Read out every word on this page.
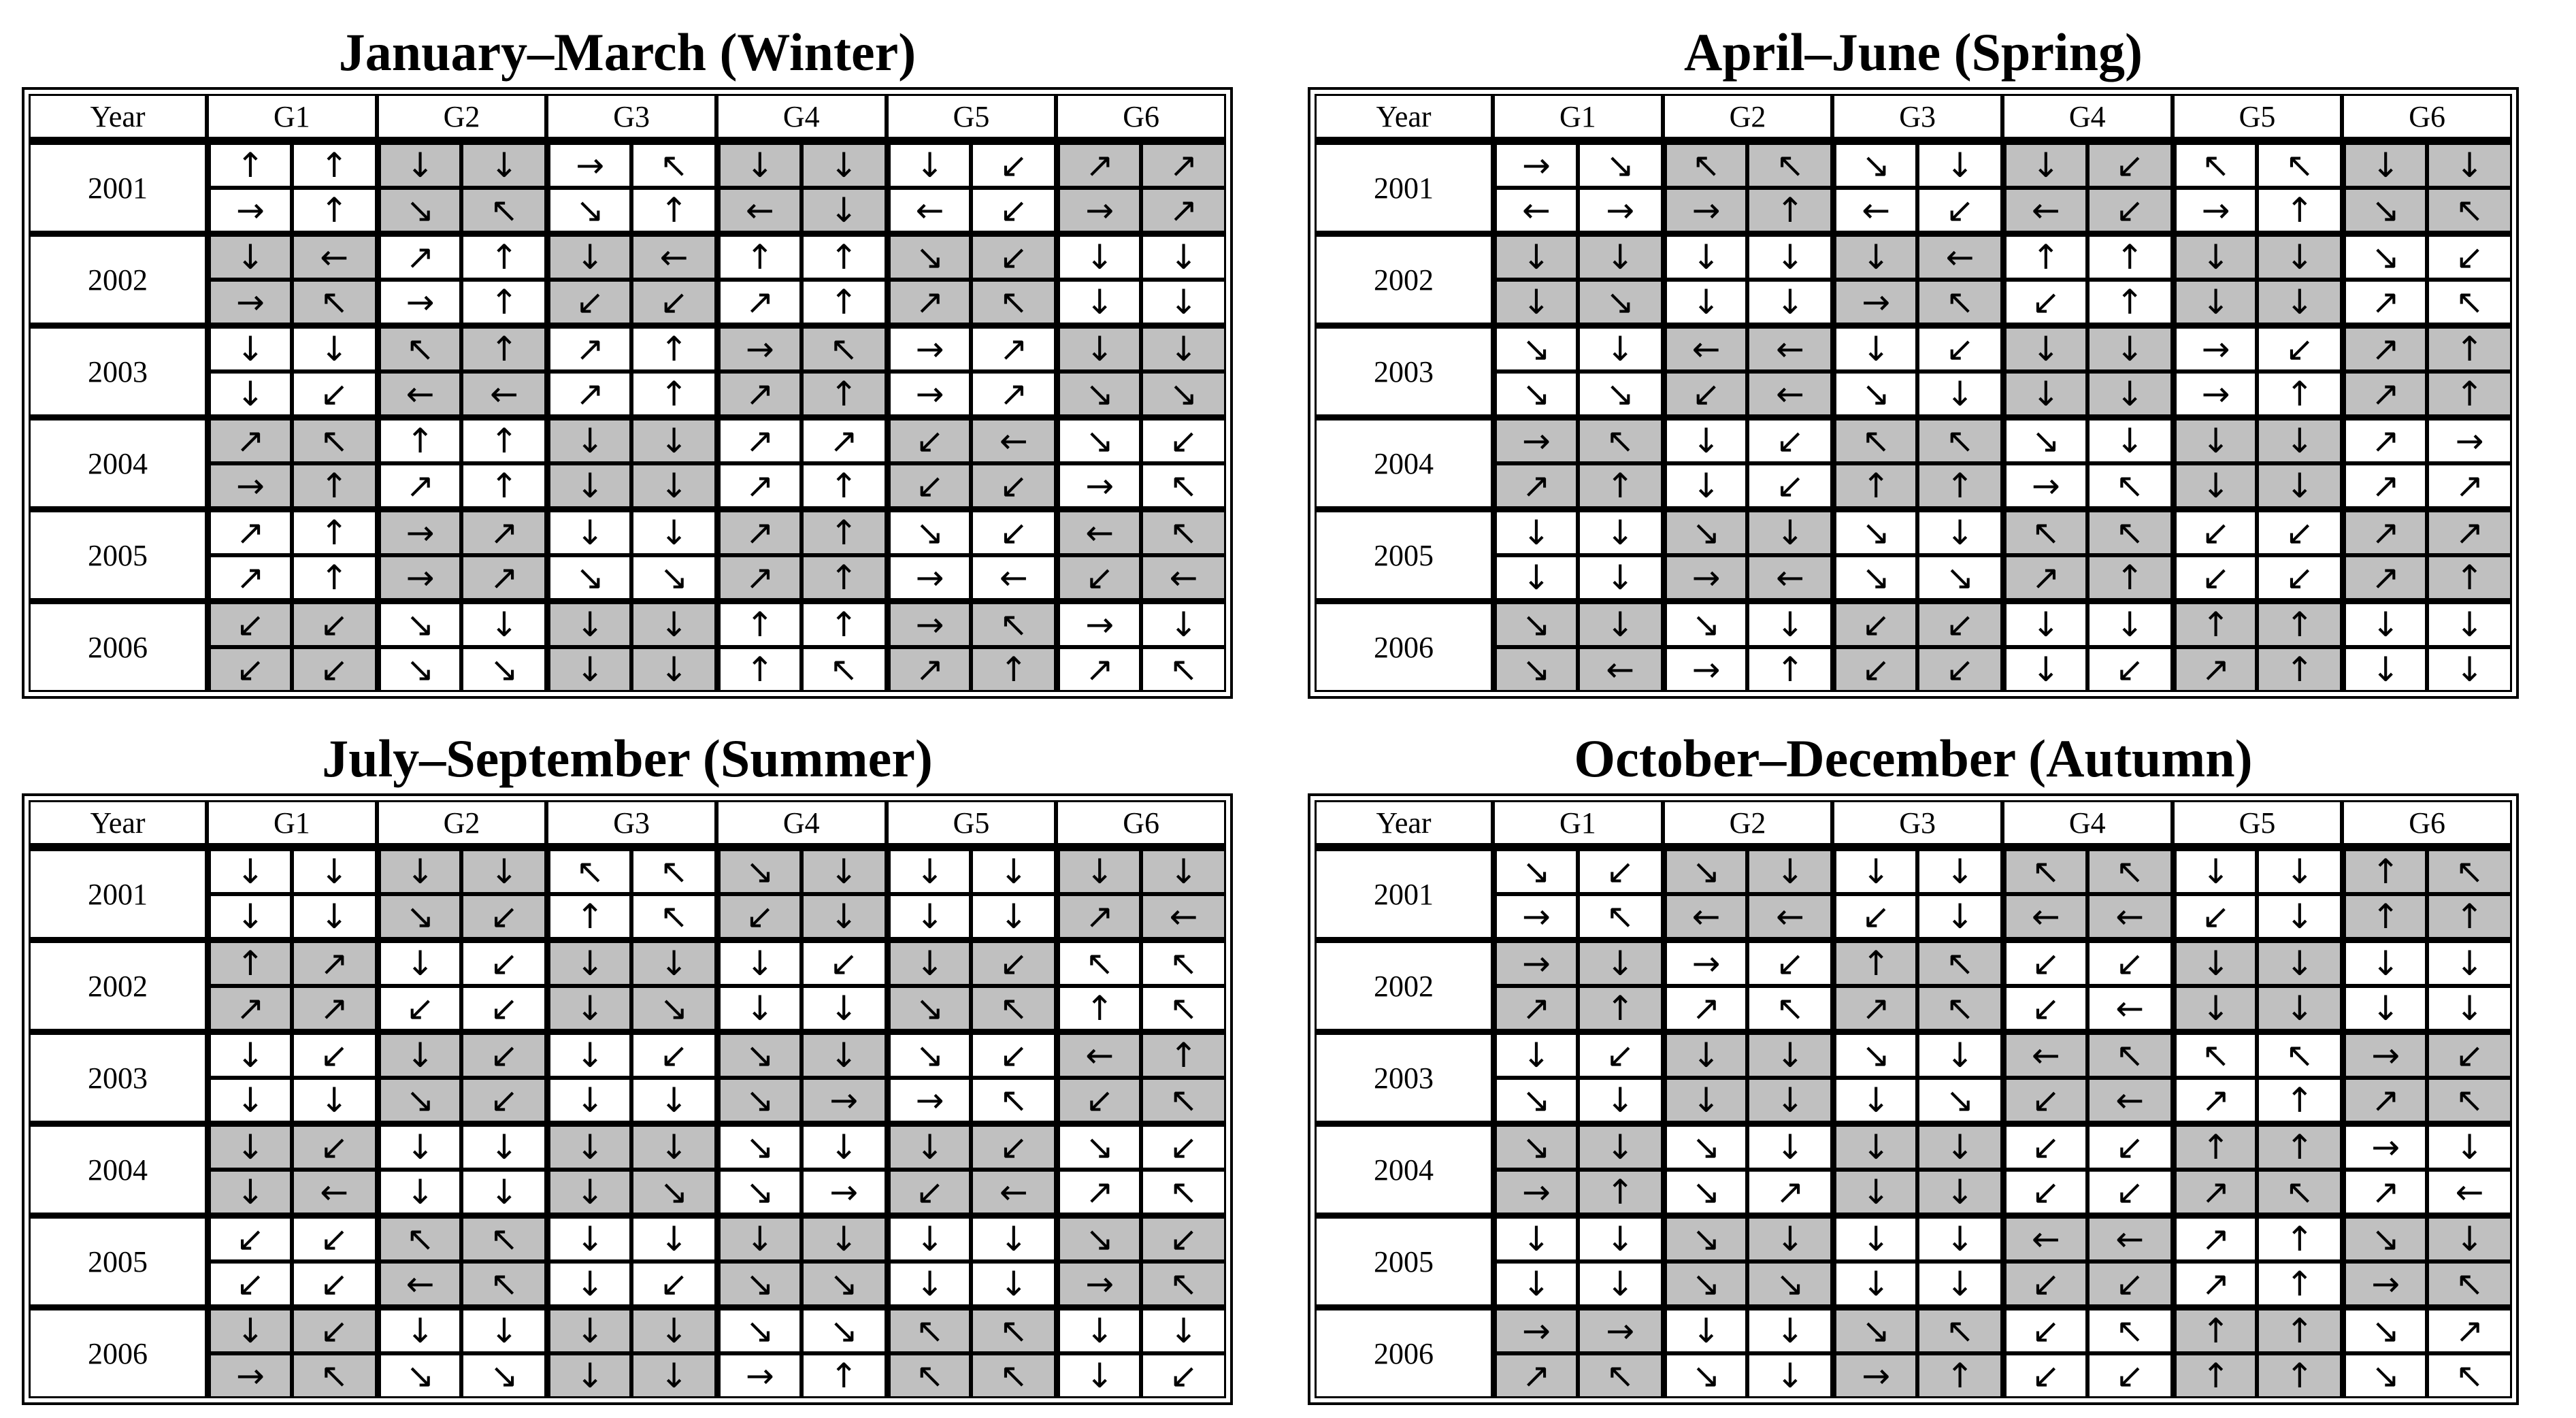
January–March (Winter)
Year	G1		G2		G3		G4		G5		G6	
2001	↑	↑	↓	↓	→	↖	↓	↓	↓	↙	↗	↗
	→	↑	↘	↖	↘	↑	←	↓	←	↙	→	↗
2002	↓	←	↗	↑	↓	←	↑	↑	↘	↙	↓	↓
	→	↖	→	↑	↙	↙	↗	↑	↗	↖	↓	↓
2003	↓	↓	↖	↑	↗	↑	→	↖	→	↗	↓	↓
	↓	↙	←	←	↗	↑	↗	↑	→	↗	↘	↘
2004	↗	↖	↑	↑	↓	↓	↗	↗	↙	←	↘	↙
	→	↑	↗	↑	↓	↓	↗	↑	↙	↙	→	↖
2005	↗	↑	→	↗	↓	↓	↗	↑	↘	↙	←	↖
	↗	↑	→	↗	↘	↘	↗	↑	→	←	↙	←
2006	↙	↙	↘	↓	↓	↓	↑	↑	→	↖	→	↓
	↙	↙	↘	↘	↓	↓	↑	↖	↗	↑	↗	↖
April–June (Spring)
Year	G1		G2		G3		G4		G5		G6	
2001	→	↘	↖	↖	↘	↓	↓	↙	↖	↖	↓	↓
	←	→	→	↑	←	↙	←	↙	→	↑	↘	↖
2002	↓	↓	↓	↓	↓	←	↑	↑	↓	↓	↘	↙
	↓	↘	↓	↓	→	↖	↙	↑	↓	↓	↗	↖
2003	↘	↓	←	←	↓	↙	↓	↓	→	↙	↗	↑
	↘	↘	↙	←	↘	↓	↓	↓	→	↑	↗	↑
2004	→	↖	↓	↙	↖	↖	↘	↓	↓	↓	↗	→
	↗	↑	↓	↙	↑	↑	→	↖	↓	↓	↗	↗
2005	↓	↓	↘	↓	↘	↓	↖	↖	↙	↙	↗	↗
	↓	↓	→	←	↘	↘	↗	↑	↙	↙	↗	↑
2006	↘	↓	↘	↓	↙	↙	↓	↓	↑	↑	↓	↓
	↘	←	→	↑	↙	↙	↓	↙	↗	↑	↓	↓
July–September (Summer)
Year	G1		G2		G3		G4		G5		G6	
2001	↓	↓	↓	↓	↖	↖	↘	↓	↓	↓	↓	↓
	↓	↓	↘	↙	↑	↖	↙	↓	↓	↓	↗	←
2002	↑	↗	↓	↙	↓	↓	↓	↙	↓	↙	↖	↖
	↗	↗	↙	↙	↓	↘	↓	↓	↘	↖	↑	↖
2003	↓	↙	↓	↙	↓	↙	↘	↓	↘	↙	←	↑
	↓	↓	↘	↙	↓	↓	↘	→	→	↖	↙	↖
2004	↓	↙	↓	↓	↓	↓	↘	↓	↓	↙	↘	↙
	↓	←	↓	↓	↓	↘	↘	→	↙	←	↗	↖
2005	↙	↙	↖	↖	↓	↓	↓	↓	↓	↓	↘	↙
	↙	↙	←	↖	↓	↙	↘	↘	↓	↓	→	↖
2006	↓	↙	↓	↓	↓	↓	↘	↘	↖	↖	↓	↓
	→	↖	↘	↘	↓	↓	→	↑	↖	↖	↓	↙
October–December (Autumn)
Year	G1		G2		G3		G4		G5		G6	
2001	↘	↙	↘	↓	↓	↓	↖	↖	↓	↓	↑	↖
	→	↖	←	←	↙	↓	←	←	↙	↓	↑	↑
2002	→	↓	→	↙	↑	↖	↙	↙	↓	↓	↓	↓
	↗	↑	↗	↖	↗	↖	↙	←	↓	↓	↓	↓
2003	↓	↙	↓	↓	↘	↓	←	↖	↖	↖	→	↙
	↘	↓	↓	↓	↓	↘	↙	←	↗	↑	↗	↖
2004	↘	↓	↘	↓	↓	↓	↙	↙	↑	↑	→	↓
	→	↑	↘	↗	↓	↓	↙	↙	↗	↖	↗	←
2005	↓	↓	↘	↓	↓	↓	←	←	↗	↑	↘	↓
	↓	↓	↘	↘	↓	↓	↙	↙	↗	↑	→	↖
2006	→	→	↓	↓	↘	↖	↙	↖	↑	↑	↘	↗
	↗	↖	↘	↓	→	↑	↙	↙	↑	↑	↘	↖
